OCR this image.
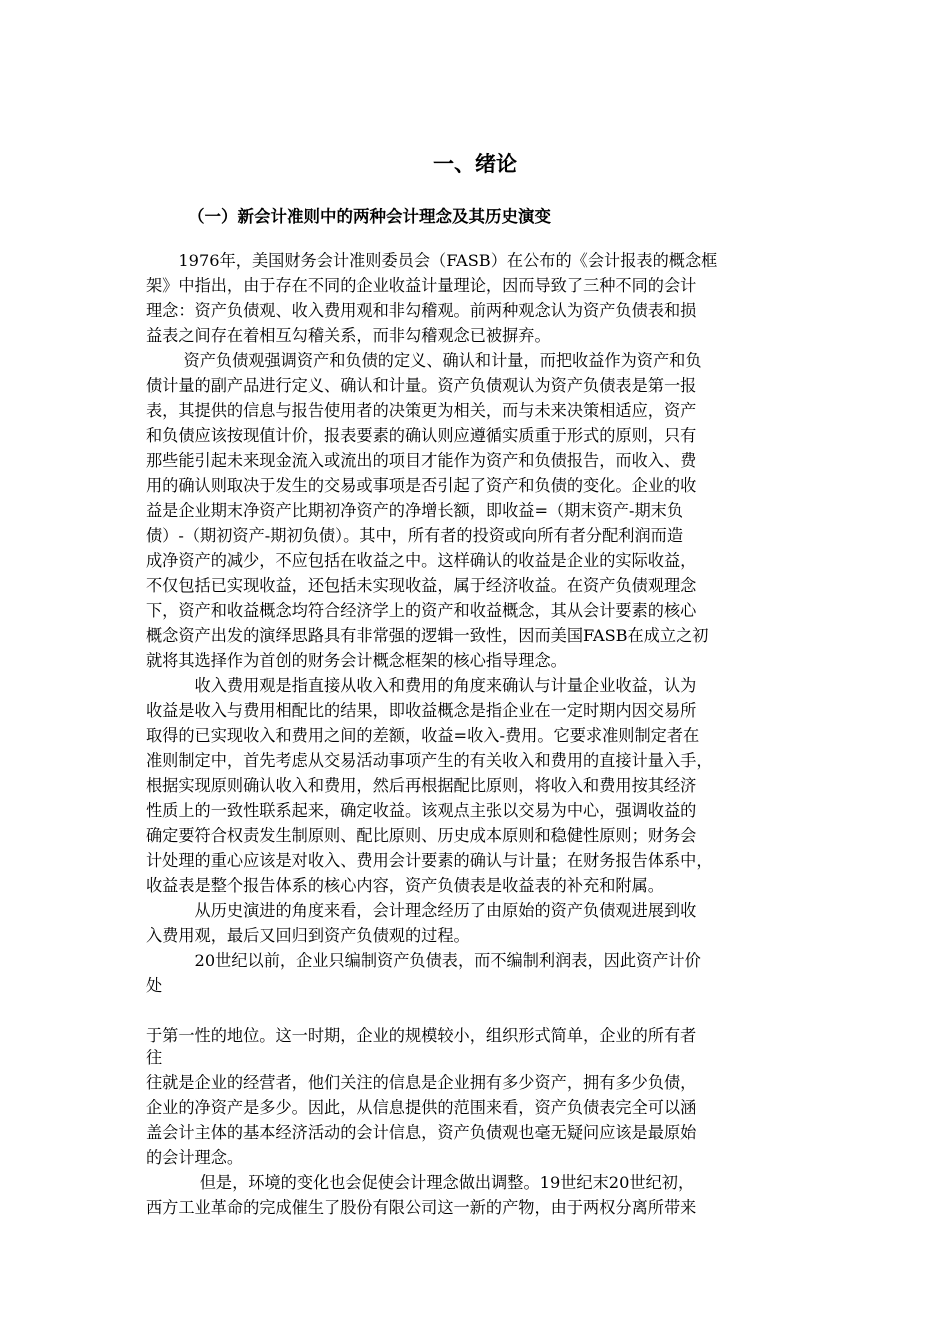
一、绪论
（一）新会计准则中的两种会计理念及其历史演变
　　1976年，美国财务会计准则委员会（FASB）在公布的《会计报表的概念框
架》中指出，由于存在不同的企业收益计量理论，因而导致了三种不同的会计
理念：资产负债观、收入费用观和非勾稽观。前两种观念认为资产负债表和损
益表之间存在着相互勾稽关系，而非勾稽观念已被摒弃。
　　 资产负债观强调资产和负债的定义、确认和计量，而把收益作为资产和负
债计量的副产品进行定义、确认和计量。资产负债观认为资产负债表是第一报
表，其提供的信息与报告使用者的决策更为相关，而与未来决策相适应，资产
和负债应该按现值计价，报表要素的确认则应遵循实质重于形式的原则，只有
那些能引起未来现金流入或流出的项目才能作为资产和负债报告，而收入、费
用的确认则取决于发生的交易或事项是否引起了资产和负债的变化。企业的收
益是企业期末净资产比期初净资产的净增长额，即收益=（期末资产-期末负
债）-（期初资产-期初负债）。其中，所有者的投资或向所有者分配利润而造
成净资产的减少，不应包括在收益之中。这样确认的收益是企业的实际收益，
不仅包括已实现收益，还包括未实现收益，属于经济收益。在资产负债观理念
下，资产和收益概念均符合经济学上的资产和收益概念，其从会计要素的核心
概念资产出发的演绎思路具有非常强的逻辑一致性，因而美国FASB在成立之初
就将其选择作为首创的财务会计概念框架的核心指导理念。
　　　收入费用观是指直接从收入和费用的角度来确认与计量企业收益，认为
收益是收入与费用相配比的结果，即收益概念是指企业在一定时期内因交易所
取得的已实现收入和费用之间的差额，收益=收入-费用。它要求准则制定者在
准则制定中，首先考虑从交易活动事项产生的有关收入和费用的直接计量入手，
根据实现原则确认收入和费用，然后再根据配比原则，将收入和费用按其经济
性质上的一致性联系起来，确定收益。该观点主张以交易为中心，强调收益的
确定要符合权责发生制原则、配比原则、历史成本原则和稳健性原则；财务会
计处理的重心应该是对收入、费用会计要素的确认与计量；在财务报告体系中，
收益表是整个报告体系的核心内容，资产负债表是收益表的补充和附属。
　　　从历史演进的角度来看，会计理念经历了由原始的资产负债观进展到收
入费用观，最后又回归到资产负债观的过程。
　　　20世纪以前，企业只编制资产负债表，而不编制利润表，因此资产计价
处
于第一性的地位。这一时期，企业的规模较小，组织形式简单，企业的所有者
往
往就是企业的经营者，他们关注的信息是企业拥有多少资产，拥有多少负债，
企业的净资产是多少。因此，从信息提供的范围来看，资产负债表完全可以涵
盖会计主体的基本经济活动的会计信息，资产负债观也毫无疑问应该是最原始
的会计理念。
　　　 但是，环境的变化也会促使会计理念做出调整。19世纪末20世纪初，
西方工业革命的完成催生了股份有限公司这一新的产物，由于两权分离所带来
